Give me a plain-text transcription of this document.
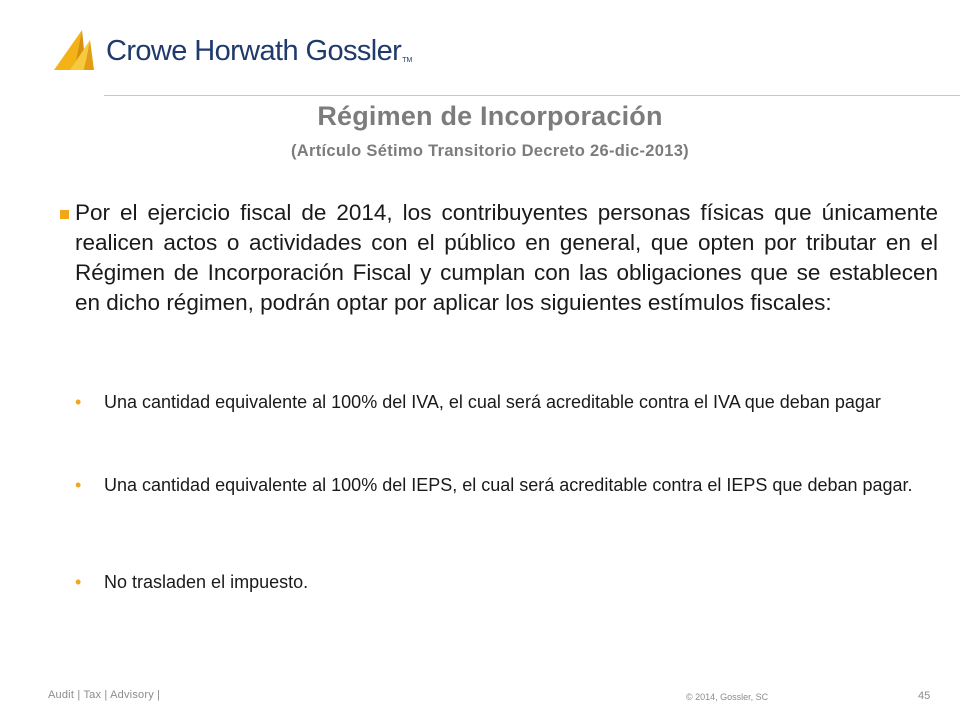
Crowe Horwath Gossler TM
Régimen de Incorporación
(Artículo Sétimo Transitorio Decreto 26-dic-2013)
Por el ejercicio fiscal de 2014, los contribuyentes personas físicas que únicamente realicen actos o actividades con el público en general, que opten por tributar en el Régimen de Incorporación Fiscal y cumplan con las obligaciones que se establecen en dicho régimen, podrán optar por aplicar los siguientes estímulos fiscales:
• Una cantidad equivalente al 100% del IVA, el cual será acreditable contra el IVA que deban pagar
• Una cantidad equivalente al 100% del IEPS, el cual será acreditable contra el IEPS que deban pagar.
• No trasladen el impuesto.
Audit | Tax | Advisory |	© 2014, Gossler, SC	45
